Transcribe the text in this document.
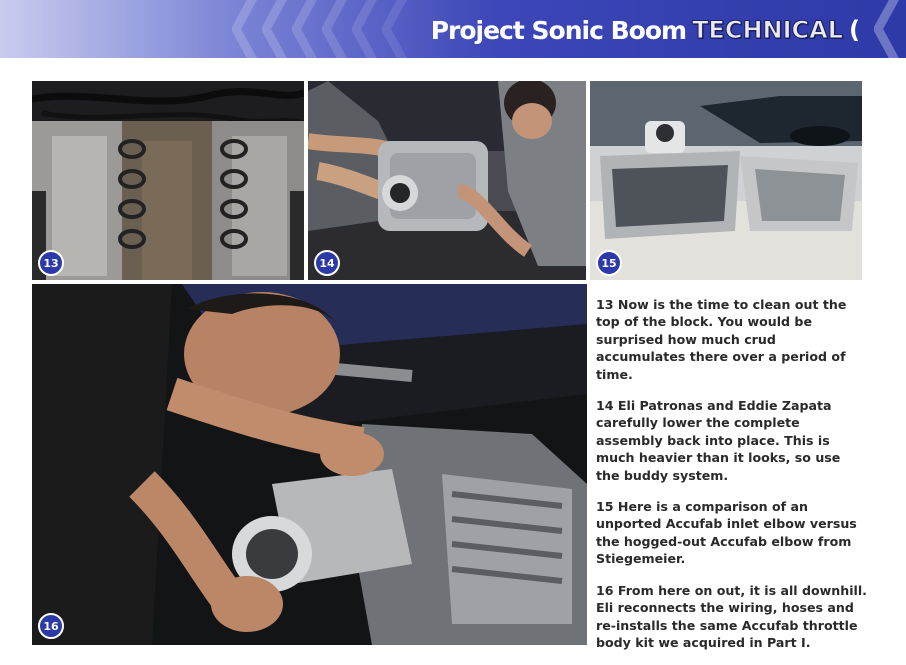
Project Sonic Boom TECHNICAL (
13	14	15
16

13 Now is the time to clean out the top of the block. You would be surprised how much crud accumulates there over a period of time.

14 Eli Patronas and Eddie Zapata carefully lower the complete assembly back into place. This is much heavier than it looks, so use the buddy system.

15 Here is a comparison of an unported Accufab inlet elbow versus the hogged-out Accufab elbow from Stiegemeier.

16 From here on out, it is all downhill. Eli reconnects the wiring, hoses and re-installs the same Accufab throttle body kit we acquired in Part I.
